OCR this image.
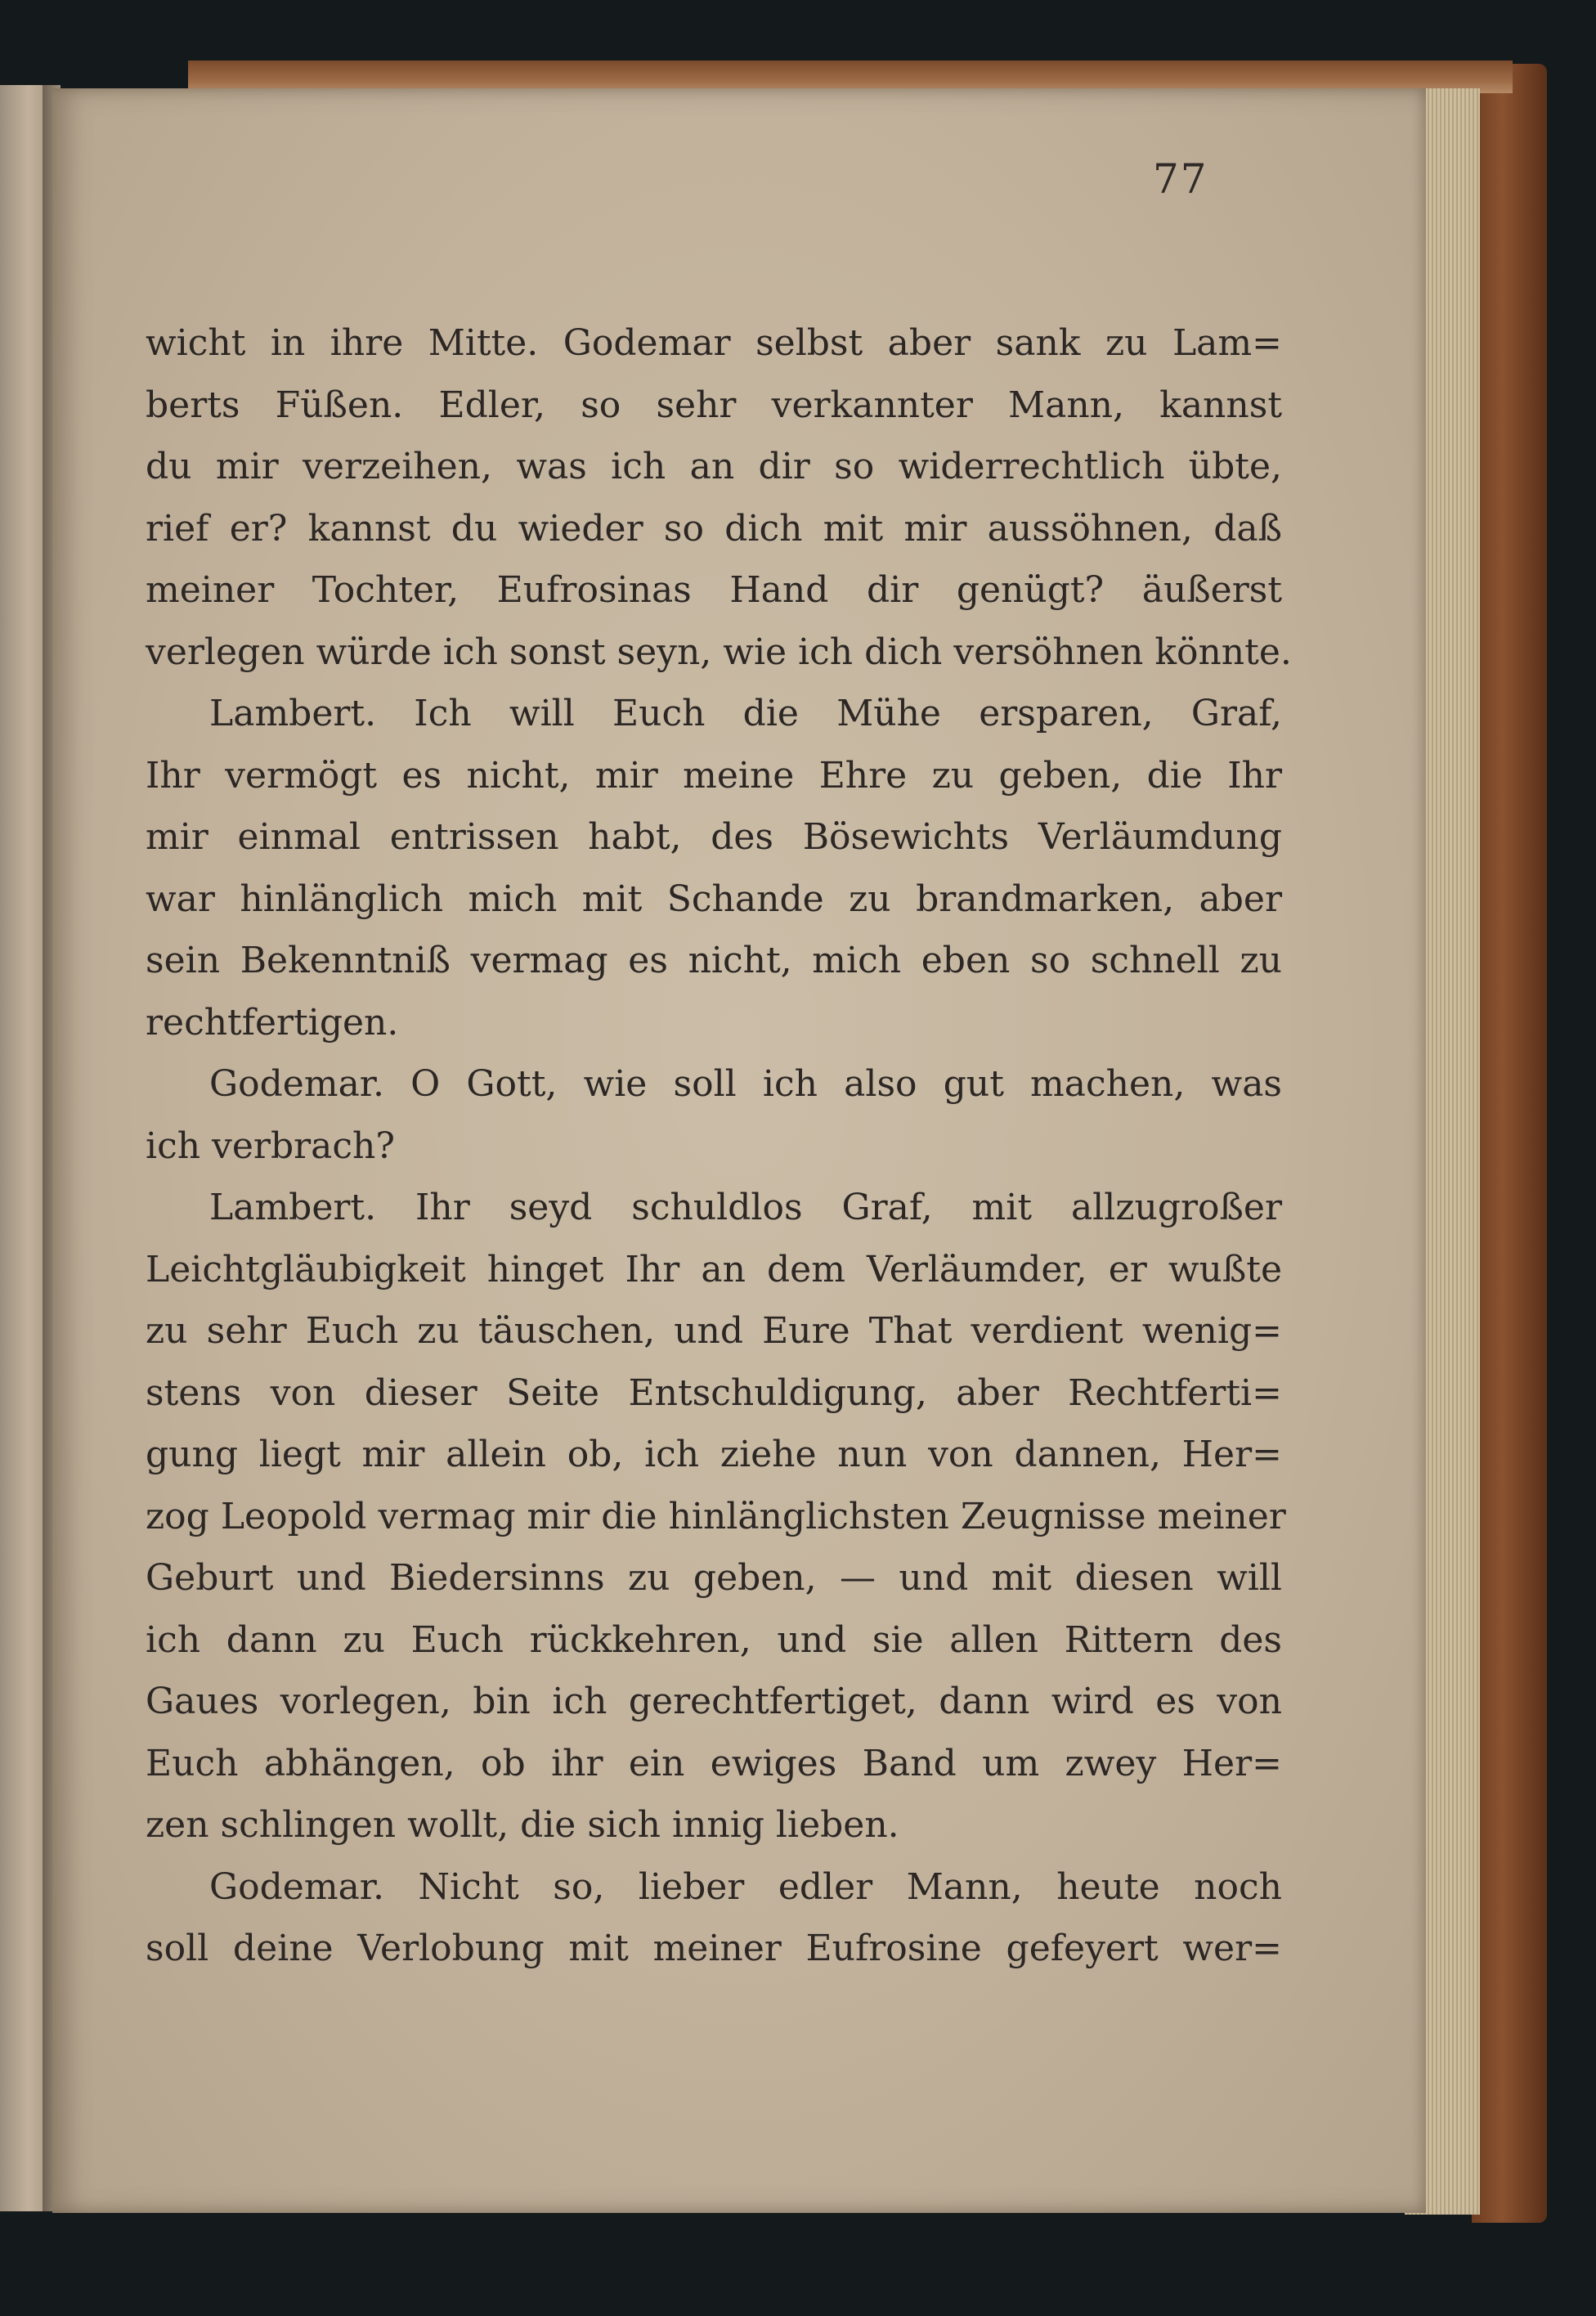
77
wicht in ihre Mitte. Godemar selbst aber sank zu Lam=
berts Füßen. Edler, so sehr verkannter Mann, kannst
du mir verzeihen, was ich an dir so widerrechtlich übte,
rief er? kannst du wieder so dich mit mir aussöhnen, daß
meiner Tochter, Eufrosinas Hand dir genügt? äußerst
verlegen würde ich sonst seyn, wie ich dich versöhnen könnte.
Lambert. Ich will Euch die Mühe ersparen, Graf,
Ihr vermögt es nicht, mir meine Ehre zu geben, die Ihr
mir einmal entrissen habt, des Bösewichts Verläumdung
war hinlänglich mich mit Schande zu brandmarken, aber
sein Bekenntniß vermag es nicht, mich eben so schnell zu
rechtfertigen.
Godemar. O Gott, wie soll ich also gut machen, was
ich verbrach?
Lambert. Ihr seyd schuldlos Graf, mit allzugroßer
Leichtgläubigkeit hinget Ihr an dem Verläumder, er wußte
zu sehr Euch zu täuschen, und Eure That verdient wenig=
stens von dieser Seite Entschuldigung, aber Rechtferti=
gung liegt mir allein ob, ich ziehe nun von dannen, Her=
zog Leopold vermag mir die hinlänglichsten Zeugnisse meiner
Geburt und Biedersinns zu geben, — und mit diesen will
ich dann zu Euch rückkehren, und sie allen Rittern des
Gaues vorlegen, bin ich gerechtfertiget, dann wird es von
Euch abhängen, ob ihr ein ewiges Band um zwey Her=
zen schlingen wollt, die sich innig lieben.
Godemar. Nicht so, lieber edler Mann, heute noch
soll deine Verlobung mit meiner Eufrosine gefeyert wer=
